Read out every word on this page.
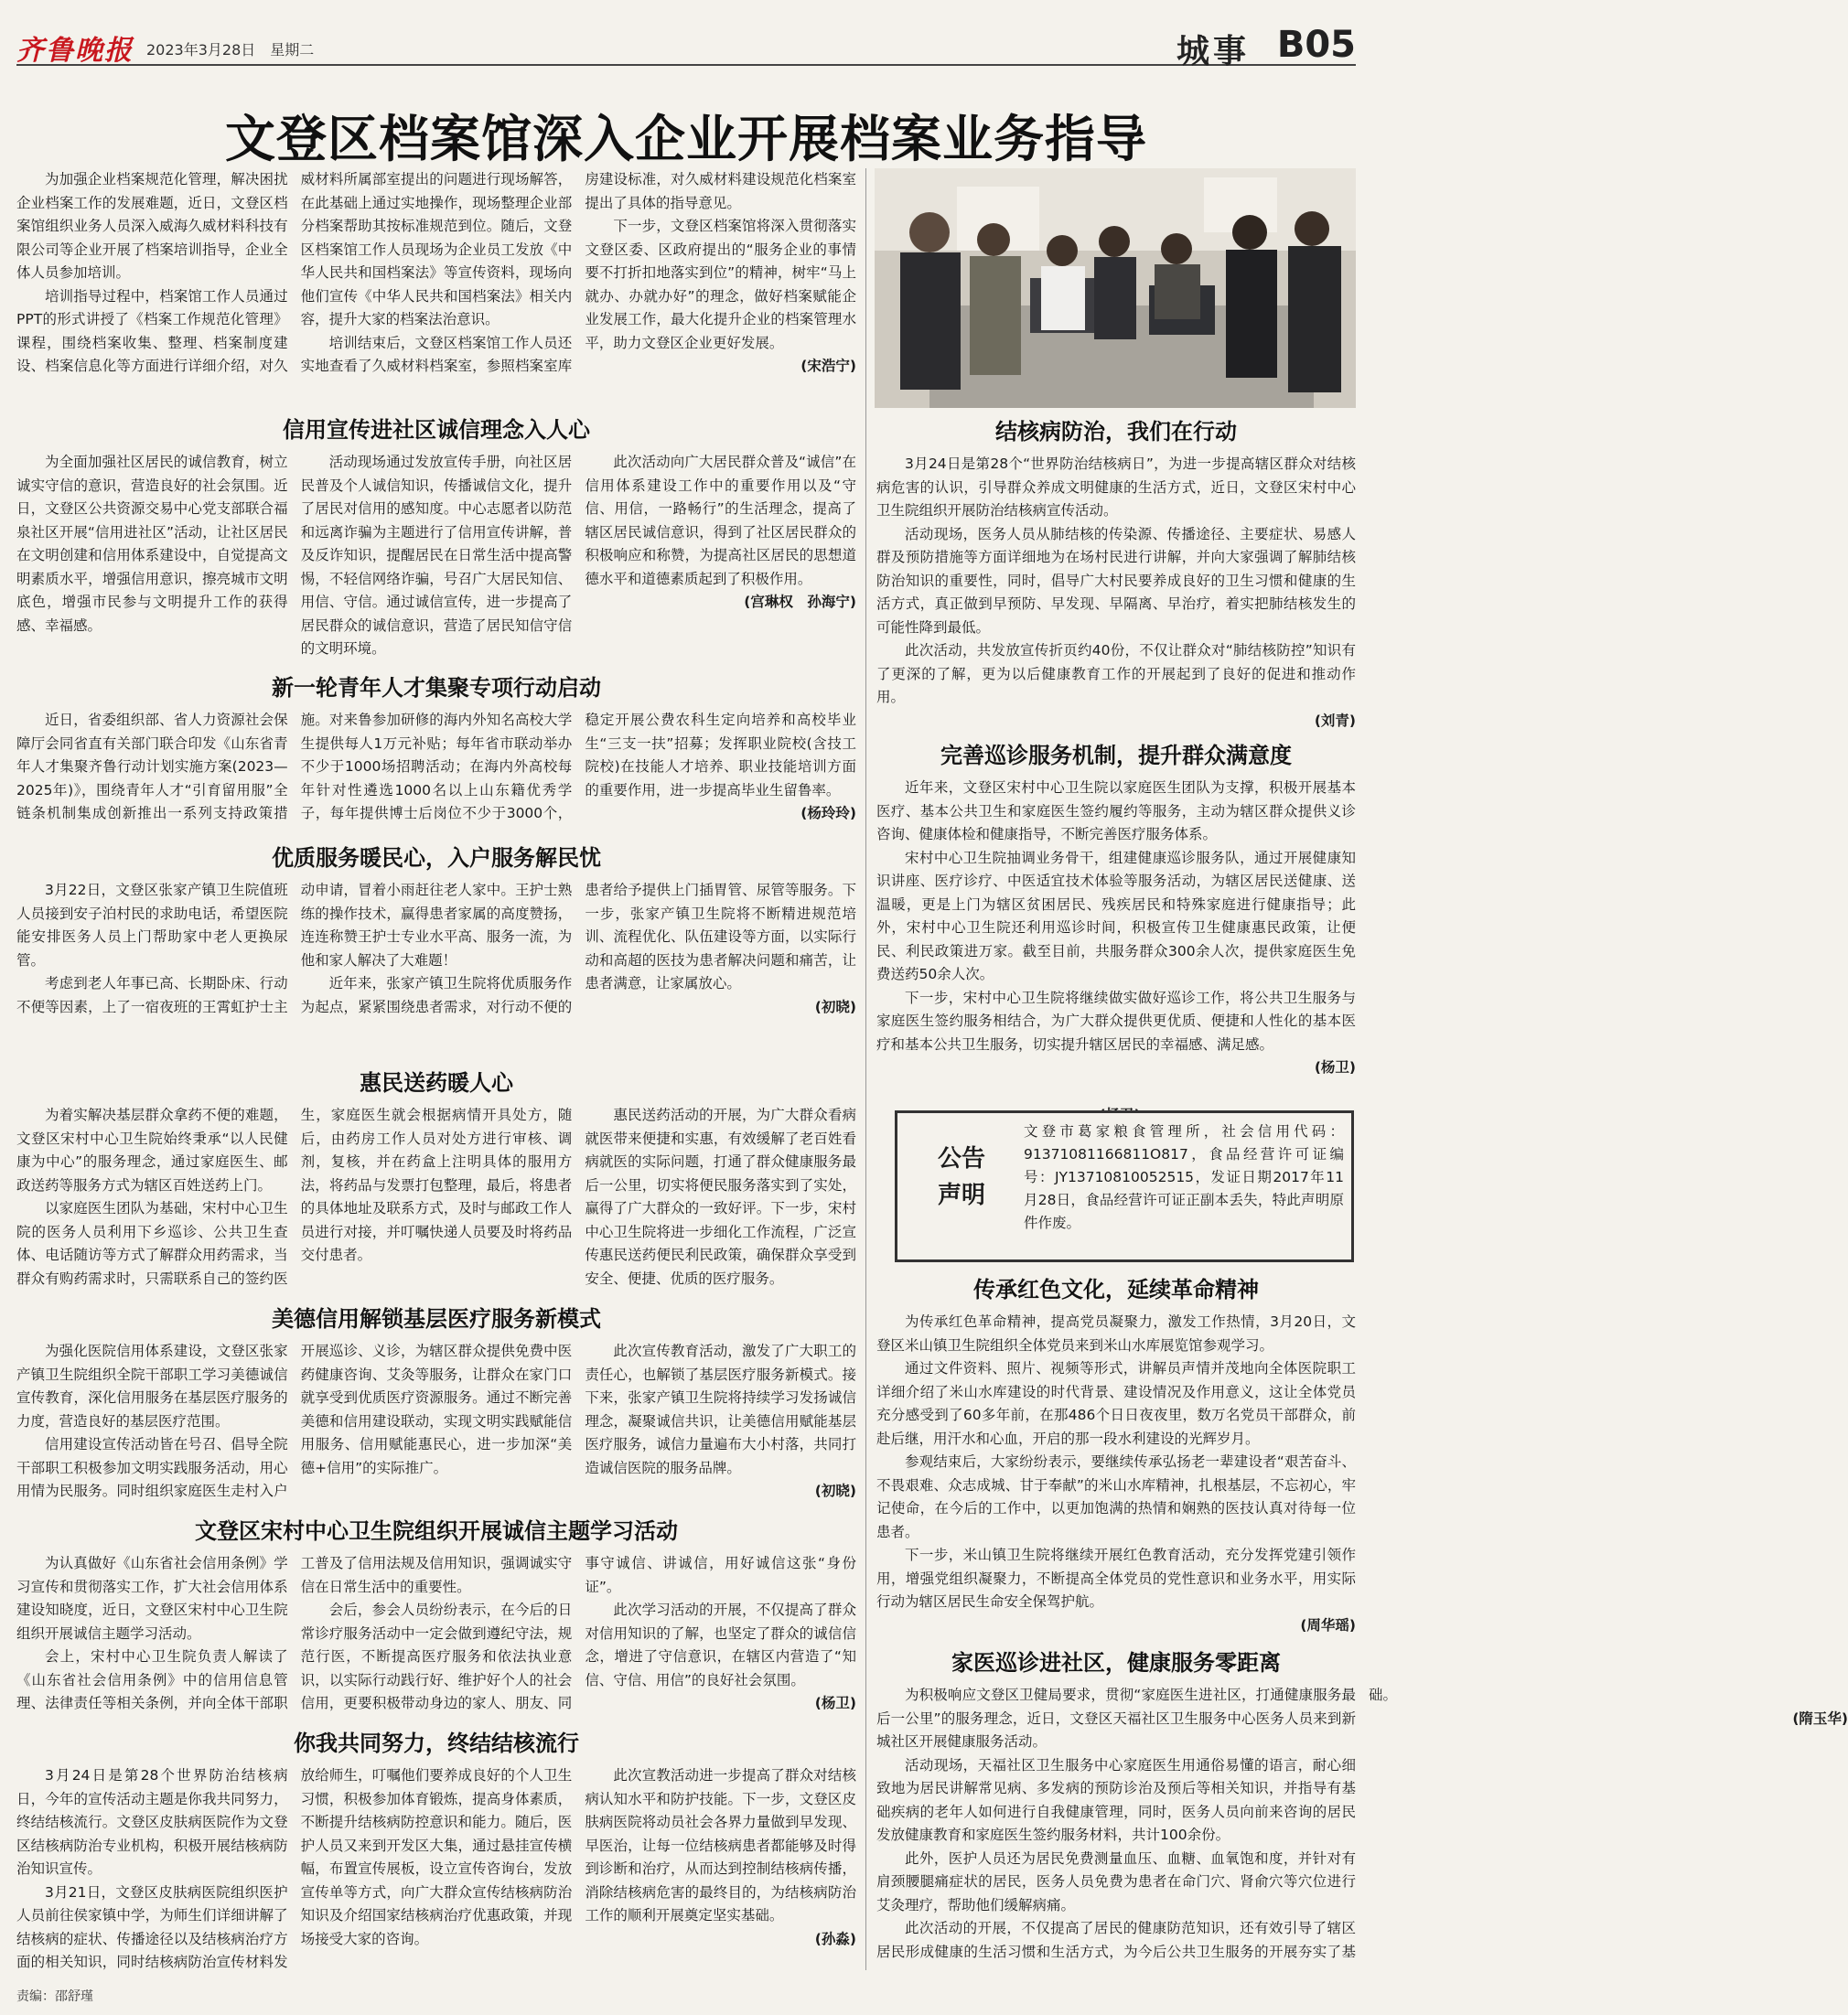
齐鲁晚报 2023年3月28日　星期二	城事 B05
文登区档案馆深入企业开展档案业务指导

为加强企业档案规范化管理，解决困扰企业档案工作的发展难题，近日，文登区档案馆组织业务人员深入威海久威材料科技有限公司等企业开展了档案培训指导，企业全体人员参加培训。

培训指导过程中，档案馆工作人员通过PPT的形式讲授了《档案工作规范化管理》课程，围绕档案收集、整理、档案制度建设、档案信息化等方面进行详细介绍，对久威材料所属部室提出的问题进行现场解答，在此基础上通过实地操作，现场整理企业部分档案帮助其按标准规范到位。随后，文登区档案馆工作人员现场为企业员工发放《中华人民共和国档案法》等宣传资料，现场向他们宣传《中华人民共和国档案法》相关内容，提升大家的档案法治意识。

培训结束后，文登区档案馆工作人员还实地查看了久威材料档案室，参照档案室库房建设标准，对久威材料建设规范化档案室提出了具体的指导意见。

下一步，文登区档案馆将深入贯彻落实文登区委、区政府提出的“服务企业的事情要不打折扣地落实到位”的精神，树牢“马上就办、办就办好”的理念，做好档案赋能企业发展工作，最大化提升企业的档案管理水平，助力文登区企业更好发展。

(宋浩宁)
信用宣传进社区诚信理念入人心

为全面加强社区居民的诚信教育，树立诚实守信的意识，营造良好的社会氛围。近日，文登区公共资源交易中心党支部联合福泉社区开展“信用进社区”活动，让社区居民在文明创建和信用体系建设中，自觉提高文明素质水平，增强信用意识，擦亮城市文明底色，增强市民参与文明提升工作的获得感、幸福感。

活动现场通过发放宣传手册，向社区居民普及个人诚信知识，传播诚信文化，提升了居民对信用的感知度。中心志愿者以防范和远离诈骗为主题进行了信用宣传讲解，普及反诈知识，提醒居民在日常生活中提高警惕，不轻信网络诈骗，号召广大居民知信、用信、守信。通过诚信宣传，进一步提高了居民群众的诚信意识，营造了居民知信守信的文明环境。

此次活动向广大居民群众普及“诚信”在信用体系建设工作中的重要作用以及“守信、用信，一路畅行”的生活理念，提高了辖区居民诚信意识，得到了社区居民群众的积极响应和称赞，为提高社区居民的思想道德水平和道德素质起到了积极作用。

(宫琳权　孙海宁)
新一轮青年人才集聚专项行动启动

近日，省委组织部、省人力资源社会保障厅会同省直有关部门联合印发《山东省青年人才集聚齐鲁行动计划实施方案(2023—2025年)》，围绕青年人才“引育留用服”全链条机制集成创新推出一系列支持政策措施。对来鲁参加研修的海内外知名高校大学生提供每人1万元补贴；每年省市联动举办不少于1000场招聘活动；在海内外高校每年针对性遴选1000名以上山东籍优秀学子，每年提供博士后岗位不少于3000个，稳定开展公费农科生定向培养和高校毕业生“三支一扶”招募；发挥职业院校(含技工院校)在技能人才培养、职业技能培训方面的重要作用，进一步提高毕业生留鲁率。

(杨玲玲)
优质服务暖民心，入户服务解民忧

3月22日，文登区张家产镇卫生院值班人员接到安子泊村民的求助电话，希望医院能安排医务人员上门帮助家中老人更换尿管。

考虑到老人年事已高、长期卧床、行动不便等因素，上了一宿夜班的王霄虹护士主动申请，冒着小雨赶往老人家中。王护士熟练的操作技术，赢得患者家属的高度赞扬，连连称赞王护士专业水平高、服务一流，为他和家人解决了大难题！

近年来，张家产镇卫生院将优质服务作为起点，紧紧围绕患者需求，对行动不便的患者给予提供上门插胃管、尿管等服务。下一步，张家产镇卫生院将不断精进规范培训、流程优化、队伍建设等方面，以实际行动和高超的医技为患者解决问题和痛苦，让患者满意，让家属放心。

(初晓)
惠民送药暖人心

为着实解决基层群众拿药不便的难题，文登区宋村中心卫生院始终秉承“以人民健康为中心”的服务理念，通过家庭医生、邮政送药等服务方式为辖区百姓送药上门。

以家庭医生团队为基础，宋村中心卫生院的医务人员利用下乡巡诊、公共卫生查体、电话随访等方式了解群众用药需求，当群众有购药需求时，只需联系自己的签约医生，家庭医生就会根据病情开具处方，随后，由药房工作人员对处方进行审核、调剂，复核，并在药盒上注明具体的服用方法，将药品与发票打包整理，最后，将患者的具体地址及联系方式，及时与邮政工作人员进行对接，并叮嘱快递人员要及时将药品交付患者。

惠民送药活动的开展，为广大群众看病就医带来便捷和实惠，有效缓解了老百姓看病就医的实际问题，打通了群众健康服务最后一公里，切实将便民服务落实到了实处，赢得了广大群众的一致好评。下一步，宋村中心卫生院将进一步细化工作流程，广泛宣传惠民送药便民利民政策，确保群众享受到安全、便捷、优质的医疗服务。

美德信用解锁基层医疗服务新模式

为强化医院信用体系建设，文登区张家产镇卫生院组织全院干部职工学习美德诚信宣传教育，深化信用服务在基层医疗服务的力度，营造良好的基层医疗范围。

信用建设宣传活动皆在号召、倡导全院干部职工积极参加文明实践服务活动，用心用情为民服务。同时组织家庭医生走村入户开展巡诊、义诊，为辖区群众提供免费中医药健康咨询、艾灸等服务，让群众在家门口就享受到优质医疗资源服务。通过不断完善美德和信用建设联动，实现文明实践赋能信用服务、信用赋能惠民心，进一步加深“美德+信用”的实际推广。

此次宣传教育活动，激发了广大职工的责任心，也解锁了基层医疗服务新模式。接下来，张家产镇卫生院将持续学习发扬诚信理念，凝聚诚信共识，让美德信用赋能基层医疗服务，诚信力量遍布大小村落，共同打造诚信医院的服务品牌。

(初晓)
文登区宋村中心卫生院组织开展诚信主题学习活动

为认真做好《山东省社会信用条例》学习宣传和贯彻落实工作，扩大社会信用体系建设知晓度，近日，文登区宋村中心卫生院组织开展诚信主题学习活动。

会上，宋村中心卫生院负责人解读了《山东省社会信用条例》中的信用信息管理、法律责任等相关条例，并向全体干部职工普及了信用法规及信用知识，强调诚实守信在日常生活中的重要性。

会后，参会人员纷纷表示，在今后的日常诊疗服务活动中一定会做到遵纪守法，规范行医，不断提高医疗服务和依法执业意识，以实际行动践行好、维护好个人的社会信用，更要积极带动身边的家人、朋友、同事守诚信、讲诚信，用好诚信这张“身份证”。

此次学习活动的开展，不仅提高了群众对信用知识的了解，也坚定了群众的诚信信念，增进了守信意识，在辖区内营造了“知信、守信、用信”的良好社会氛围。

(杨卫)
你我共同努力，终结结核流行

3月24日是第28个世界防治结核病日，今年的宣传活动主题是你我共同努力，终结结核流行。文登区皮肤病医院作为文登区结核病防治专业机构，积极开展结核病防治知识宣传。

3月21日，文登区皮肤病医院组织医护人员前往侯家镇中学，为师生们详细讲解了结核病的症状、传播途径以及结核病治疗方面的相关知识，同时结核病防治宣传材料发放给师生，叮嘱他们要养成良好的个人卫生习惯，积极参加体育锻炼，提高身体素质，不断提升结核病防控意识和能力。随后，医护人员又来到开发区大集，通过悬挂宣传横幅，布置宣传展板，设立宣传咨询台，发放宣传单等方式，向广大群众宣传结核病防治知识及介绍国家结核病治疗优惠政策，并现场接受大家的咨询。

此次宣教活动进一步提高了群众对结核病认知水平和防护技能。下一步，文登区皮肤病医院将动员社会各界力量做到早发现、早医治，让每一位结核病患者都能够及时得到诊断和治疗，从而达到控制结核病传播，消除结核病危害的最终目的，为结核病防治工作的顺利开展奠定坚实基础。

(孙淼)
结核病防治，我们在行动

3月24日是第28个“世界防治结核病日”，为进一步提高辖区群众对结核病危害的认识，引导群众养成文明健康的生活方式，近日，文登区宋村中心卫生院组织开展防治结核病宣传活动。

活动现场，医务人员从肺结核的传染源、传播途径、主要症状、易感人群及预防措施等方面详细地为在场村民进行讲解，并向大家强调了解肺结核防治知识的重要性，同时，倡导广大村民要养成良好的卫生习惯和健康的生活方式，真正做到早预防、早发现、早隔离、早治疗，着实把肺结核发生的可能性降到最低。

此次活动，共发放宣传折页约40份，不仅让群众对“肺结核防控”知识有了更深的了解，更为以后健康教育工作的开展起到了良好的促进和推动作用。

(刘青)
完善巡诊服务机制，提升群众满意度

近年来，文登区宋村中心卫生院以家庭医生团队为支撑，积极开展基本医疗、基本公共卫生和家庭医生签约履约等服务，主动为辖区群众提供义诊咨询、健康体检和健康指导，不断完善医疗服务体系。

宋村中心卫生院抽调业务骨干，组建健康巡诊服务队，通过开展健康知识讲座、医疗诊疗、中医适宜技术体验等服务活动，为辖区居民送健康、送温暖，更是上门为辖区贫困居民、残疾居民和特殊家庭进行健康指导；此外，宋村中心卫生院还利用巡诊时间，积极宣传卫生健康惠民政策，让便民、利民政策进万家。截至目前，共服务群众300余人次，提供家庭医生免费送药50余人次。

下一步，宋村中心卫生院将继续做实做好巡诊工作，将公共卫生服务与家庭医生签约服务相结合，为广大群众提供更优质、便捷和人性化的基本医疗和基本公共卫生服务，切实提升辖区居民的幸福感、满足感。

(杨卫)
公告
声明
文登市葛家粮食管理所，社会信用代码：91371081166811O817，食品经营许可证编号：JY13710810052515，发证日期2017年11月28日，食品经营许可证正副本丢失，特此声明原件作废。
传承红色文化，延续革命精神

为传承红色革命精神，提高党员凝聚力，激发工作热情，3月20日，文登区米山镇卫生院组织全体党员来到米山水库展览馆参观学习。

通过文件资料、照片、视频等形式，讲解员声情并茂地向全体医院职工详细介绍了米山水库建设的时代背景、建设情况及作用意义，这让全体党员充分感受到了60多年前，在那486个日日夜夜里，数万名党员干部群众，前赴后继，用汗水和心血，开启的那一段水利建设的光辉岁月。

参观结束后，大家纷纷表示，要继续传承弘扬老一辈建设者“艰苦奋斗、不畏艰难、众志成城、甘于奉献”的米山水库精神，扎根基层，不忘初心，牢记使命，在今后的工作中，以更加饱满的热情和娴熟的医技认真对待每一位患者。

下一步，米山镇卫生院将继续开展红色教育活动，充分发挥党建引领作用，增强党组织凝聚力，不断提高全体党员的党性意识和业务水平，用实际行动为辖区居民生命安全保驾护航。

(周华瑶)
家医巡诊进社区，健康服务零距离

为积极响应文登区卫健局要求，贯彻“家庭医生进社区，打通健康服务最后一公里”的服务理念，近日，文登区天福社区卫生服务中心医务人员来到新城社区开展健康服务活动。

活动现场，天福社区卫生服务中心家庭医生用通俗易懂的语言，耐心细致地为居民讲解常见病、多发病的预防诊治及预后等相关知识，并指导有基础疾病的老年人如何进行自我健康管理，同时，医务人员向前来咨询的居民发放健康教育和家庭医生签约服务材料，共计100余份。

此外，医护人员还为居民免费测量血压、血糖、血氧饱和度，并针对有肩颈腰腿痛症状的居民，医务人员免费为患者在命门穴、肾俞穴等穴位进行艾灸理疗，帮助他们缓解病痛。

此次活动的开展，不仅提高了居民的健康防范知识，还有效引导了辖区居民形成健康的生活习惯和生活方式，为今后公共卫生服务的开展夯实了基础。

(隋玉华)
责编：邵舒瑾
